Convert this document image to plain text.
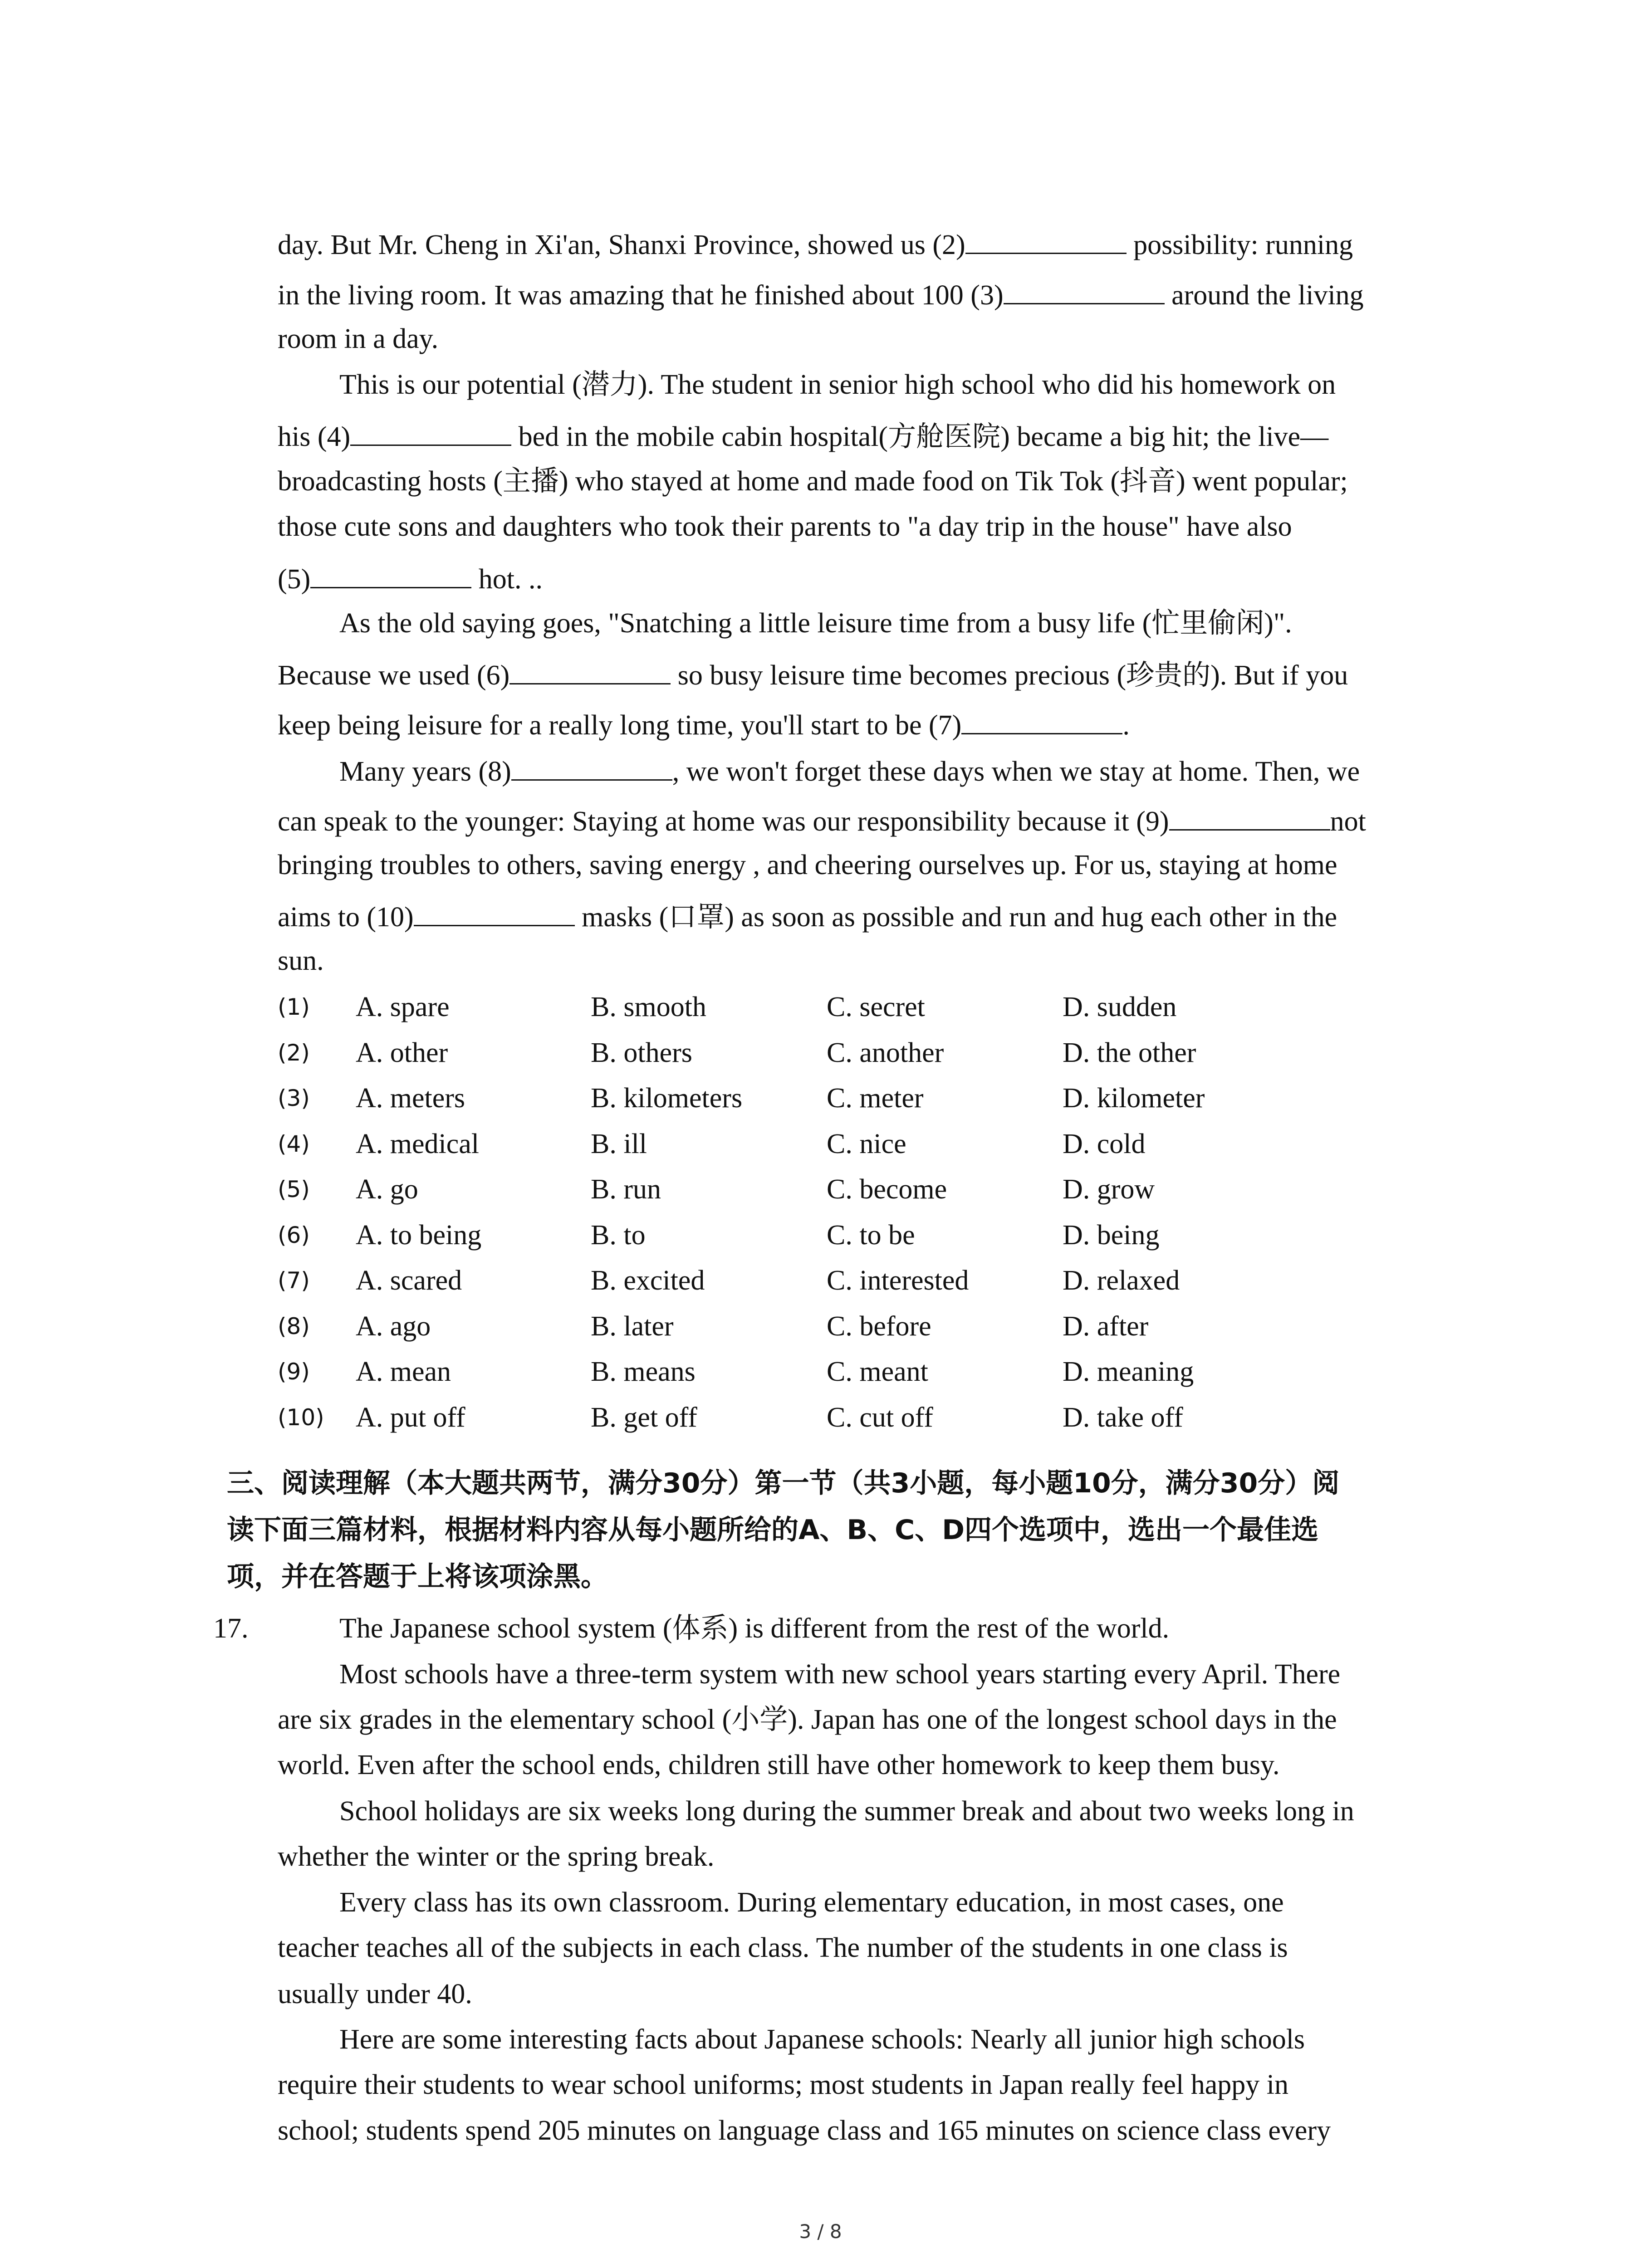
day. But Mr. Cheng in Xi'an, Shanxi Province, showed us (2)	possibility: running
in the living room. It was amazing that he finished about 100 (3)	around the living
room in a day.
This is our potential (潜力). The student in senior high school who did his homework on
his (4)	bed in the mobile cabin hospital(方舱医院) became a big hit; the live—
broadcasting hosts (主播) who stayed at home and made food on Tik Tok (抖音) went popular;
those cute sons and daughters who took their parents to "a day trip in the house" have also
(5)	hot. ..
As the old saying goes, "Snatching a little leisure time from a busy life (忙里偷闲)".
Because we used (6)	so busy leisure time becomes precious (珍贵的). But if you
keep being leisure for a really long time, you'll start to be (7)	.
Many years (8)	, we won't forget these days when we stay at home. Then, we
can speak to the younger: Staying at home was our responsibility because it (9)	not
bringing troubles to others, saving energy , and cheering ourselves up. For us, staying at home
aims to (10)	masks (口罩) as soon as possible and run and hug each other in the
sun.
(1) A. spare	B. smooth	C. secret	D. sudden
(2) A. other	B. others	C. another	D. the other
(3) A. meters	B. kilometers	C. meter	D. kilometer
(4) A. medical	B. ill	C. nice	D. cold
(5) A. go	B. run	C. become	D. grow
(6) A. to being	B. to	C. to be	D. being
(7) A. scared	B. excited	C. interested	D. relaxed
(8) A. ago	B. later	C. before	D. after
(9) A. mean	B. means	C. meant	D. meaning
(10) A. put off	B. get off	C. cut off	D. take off
三、阅读理解（本大题共两节，满分30分）第一节（共3小题，每小题10分，满分30分）阅
读下面三篇材料，根据材料内容从每小题所给的A、B、C、D四个选项中，选出一个最佳选
项，并在答题于上将该项涂黑。
17.	The Japanese school system (体系) is different from the rest of the world.
Most schools have a three-term system with new school years starting every April. There
are six grades in the elementary school (小学). Japan has one of the longest school days in the
world. Even after the school ends, children still have other homework to keep them busy.
School holidays are six weeks long during the summer break and about two weeks long in
whether the winter or the spring break.
Every class has its own classroom. During elementary education, in most cases, one
teacher teaches all of the subjects in each class. The number of the students in one class is
usually under 40.
Here are some interesting facts about Japanese schools: Nearly all junior high schools
require their students to wear school uniforms; most students in Japan really feel happy in
school; students spend 205 minutes on language class and 165 minutes on science class every
3 / 8
